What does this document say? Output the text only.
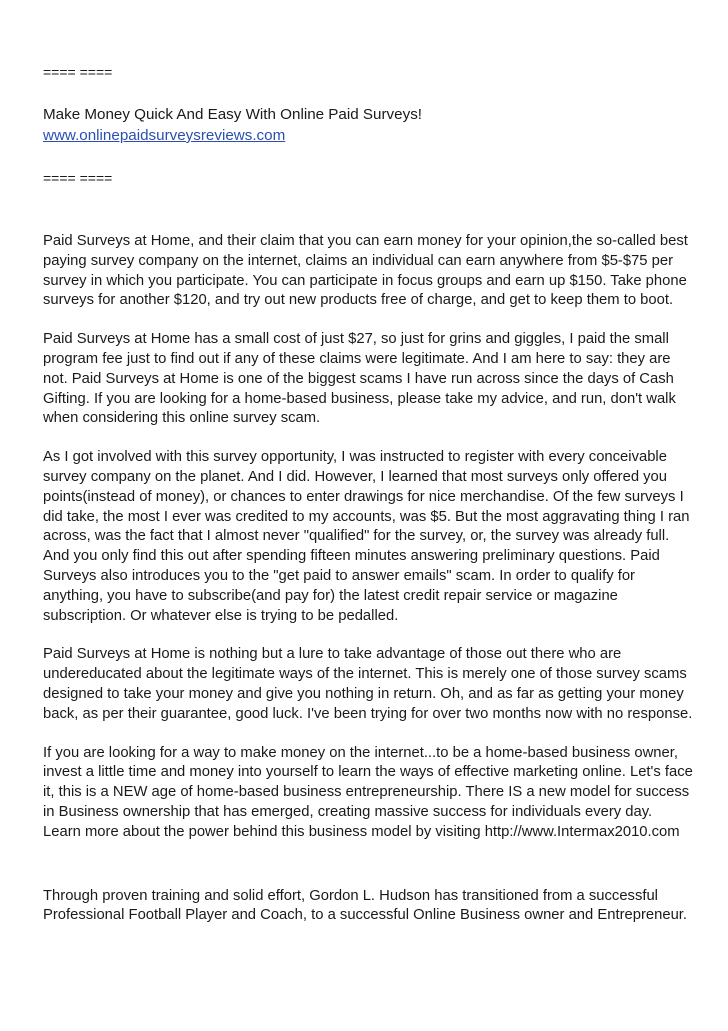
==== ====
Make Money Quick And Easy With Online Paid Surveys!
www.onlinepaidsurveysreviews.com
==== ====

Paid Surveys at Home, and their claim that you can earn money for your opinion,the so-called best paying survey company on the internet, claims an individual can earn anywhere from $5-$75 per survey in which you participate. You can participate in focus groups and earn up $150. Take phone surveys for another $120, and try out new products free of charge, and get to keep them to boot.

Paid Surveys at Home has a small cost of just $27, so just for grins and giggles, I paid the small program fee just to find out if any of these claims were legitimate. And I am here to say: they are not. Paid Surveys at Home is one of the biggest scams I have run across since the days of Cash Gifting. If you are looking for a home-based business, please take my advice, and run, don't walk when considering this online survey scam.

As I got involved with this survey opportunity, I was instructed to register with every conceivable survey company on the planet. And I did. However, I learned that most surveys only offered you points(instead of money), or chances to enter drawings for nice merchandise. Of the few surveys I did take, the most I ever was credited to my accounts, was $5. But the most aggravating thing I ran across, was the fact that I almost never "qualified" for the survey, or, the survey was already full. And you only find this out after spending fifteen minutes answering preliminary questions. Paid Surveys also introduces you to the "get paid to answer emails" scam. In order to qualify for anything, you have to subscribe(and pay for) the latest credit repair service or magazine subscription. Or whatever else is trying to be pedalled.

Paid Surveys at Home is nothing but a lure to take advantage of those out there who are undereducated about the legitimate ways of the internet. This is merely one of those survey scams designed to take your money and give you nothing in return. Oh, and as far as getting your money back, as per their guarantee, good luck. I've been trying for over two months now with no response.

If you are looking for a way to make money on the internet...to be a home-based business owner, invest a little time and money into yourself to learn the ways of effective marketing online. Let's face it, this is a NEW age of home-based business entrepreneurship. There IS a new model for success in Business ownership that has emerged, creating massive success for individuals every day. Learn more about the power behind this business model by visiting http://www.Intermax2010.com

Through proven training and solid effort, Gordon L. Hudson has transitioned from a successful Professional Football Player and Coach, to a successful Online Business owner and Entrepreneur.
